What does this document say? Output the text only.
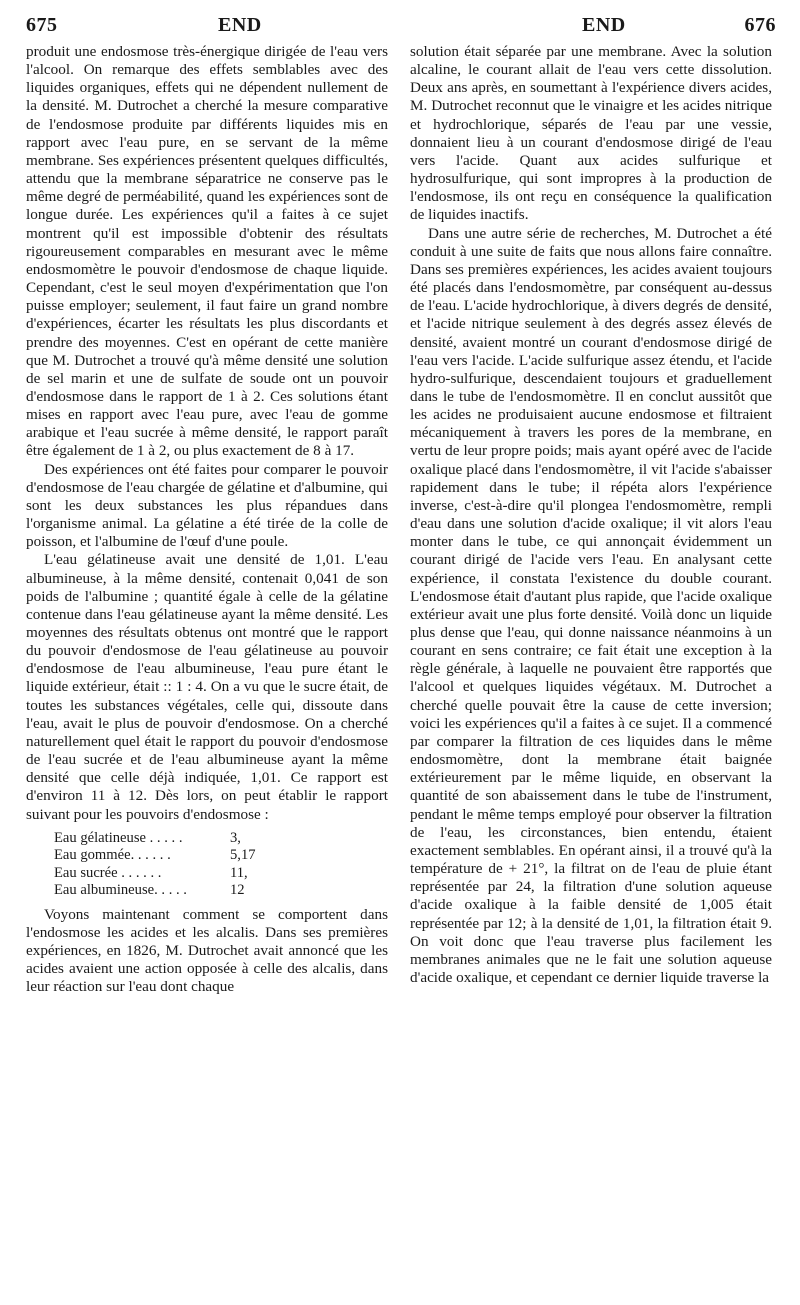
675	END	END	676

produit une endosmose très-énergique dirigée de l'eau vers l'alcool. On remarque des effets semblables avec des liquides organiques, effets qui ne dépendent nullement de la densité. M. Dutrochet a cherché la mesure comparative de l'endosmose produite par différents liquides mis en rapport avec l'eau pure, en se servant de la même membrane. Ses expériences présentent quelques difficultés, attendu que la membrane séparatrice ne conserve pas le même degré de perméabilité, quand les expériences sont de longue durée. Les expériences qu'il a faites à ce sujet montrent qu'il est impossible d'obtenir des résultats rigoureusement comparables en mesurant avec le même endosmomètre le pouvoir d'endosmose de chaque liquide. Cependant, c'est le seul moyen d'expérimentation que l'on puisse employer; seulement, il faut faire un grand nombre d'expériences, écarter les résultats les plus discordants et prendre des moyennes. C'est en opérant de cette manière que M. Dutrochet a trouvé qu'à même densité une solution de sel marin et une de sulfate de soude ont un pouvoir d'endosmose dans le rapport de 1 à 2. Ces solutions étant mises en rapport avec l'eau pure, avec l'eau de gomme arabique et l'eau sucrée à même densité, le rapport paraît être également de 1 à 2, ou plus exactement de 8 à 17.

Des expériences ont été faites pour comparer le pouvoir d'endosmose de l'eau chargée de gélatine et d'albumine, qui sont les deux substances les plus répandues dans l'organisme animal. La gélatine a été tirée de la colle de poisson, et l'albumine de l'œuf d'une poule.

L'eau gélatineuse avait une densité de 1,01. L'eau albumineuse, à la même densité, contenait 0,041 de son poids de l'albumine ; quantité égale à celle de la gélatine contenue dans l'eau gélatineuse ayant la même densité. Les moyennes des résultats obtenus ont montré que le rapport du pouvoir d'endosmose de l'eau gélatineuse au pouvoir d'endosmose de l'eau albumineuse, l'eau pure étant le liquide extérieur, était :: 1 : 4. On a vu que le sucre était, de toutes les substances végétales, celle qui, dissoute dans l'eau, avait le plus de pouvoir d'endosmose. On a cherché naturellement quel était le rapport du pouvoir d'endosmose de l'eau sucrée et de l'eau albumineuse ayant la même densité que celle déjà indiquée, 1,01. Ce rapport est d'environ 11 à 12. Dès lors, on peut établir le rapport suivant pour les pouvoirs d'endosmose :

Eau gélatineuse . . . . .	3,
Eau gommée. . . . . .	5,17
Eau sucrée . . . . . .	11,
Eau albumineuse. . . . .	12

Voyons maintenant comment se comportent dans l'endosmose les acides et les alcalis. Dans ses premières expériences, en 1826, M. Dutrochet avait annoncé que les acides avaient une action opposée à celle des alcalis, dans leur réaction sur l'eau dont chaque

solution était séparée par une membrane. Avec la solution alcaline, le courant allait de l'eau vers cette dissolution. Deux ans après, en soumettant à l'expérience divers acides, M. Dutrochet reconnut que le vinaigre et les acides nitrique et hydrochlorique, séparés de l'eau par une vessie, donnaient lieu à un courant d'endosmose dirigé de l'eau vers l'acide. Quant aux acides sulfurique et hydrosulfurique, qui sont impropres à la production de l'endosmose, ils ont reçu en conséquence la qualification de liquides inactifs.

Dans une autre série de recherches, M. Dutrochet a été conduit à une suite de faits que nous allons faire connaître. Dans ses premières expériences, les acides avaient toujours été placés dans l'endosmomètre, par conséquent au-dessus de l'eau. L'acide hydrochlorique, à divers degrés de densité, et l'acide nitrique seulement à des degrés assez élevés de densité, avaient montré un courant d'endosmose dirigé de l'eau vers l'acide. L'acide sulfurique assez étendu, et l'acide hydro-sulfurique, descendaient toujours et graduellement dans le tube de l'endosmomètre. Il en conclut aussitôt que les acides ne produisaient aucune endosmose et filtraient mécaniquement à travers les pores de la membrane, en vertu de leur propre poids; mais ayant opéré avec de l'acide oxalique placé dans l'endosmomètre, il vit l'acide s'abaisser rapidement dans le tube; il répéta alors l'expérience inverse, c'est-à-dire qu'il plongea l'endosmomètre, rempli d'eau dans une solution d'acide oxalique; il vit alors l'eau monter dans le tube, ce qui annonçait évidemment un courant dirigé de l'acide vers l'eau. En analysant cette expérience, il constata l'existence du double courant. L'endosmose était d'autant plus rapide, que l'acide oxalique extérieur avait une plus forte densité. Voilà donc un liquide plus dense que l'eau, qui donne naissance néanmoins à un courant en sens contraire; ce fait était une exception à la règle générale, à laquelle ne pouvaient être rapportés que l'alcool et quelques liquides végétaux. M. Dutrochet a cherché quelle pouvait être la cause de cette inversion; voici les expériences qu'il a faites à ce sujet. Il a commencé par comparer la filtration de ces liquides dans le même endosmomètre, dont la membrane était baignée extérieurement par le même liquide, en observant la quantité de son abaissement dans le tube de l'instrument, pendant le même temps employé pour observer la filtration de l'eau, les circonstances, bien entendu, étaient exactement semblables. En opérant ainsi, il a trouvé qu'à la température de + 21°, la filtrat on de l'eau de pluie étant représentée par 24, la filtration d'une solution aqueuse d'acide oxalique à la faible densité de 1,005 était représentée par 12; à la densité de 1,01, la filtration était 9. On voit donc que l'eau traverse plus facilement les membranes animales que ne le fait une solution aqueuse d'acide oxalique, et cependant ce dernier liquide traverse la
